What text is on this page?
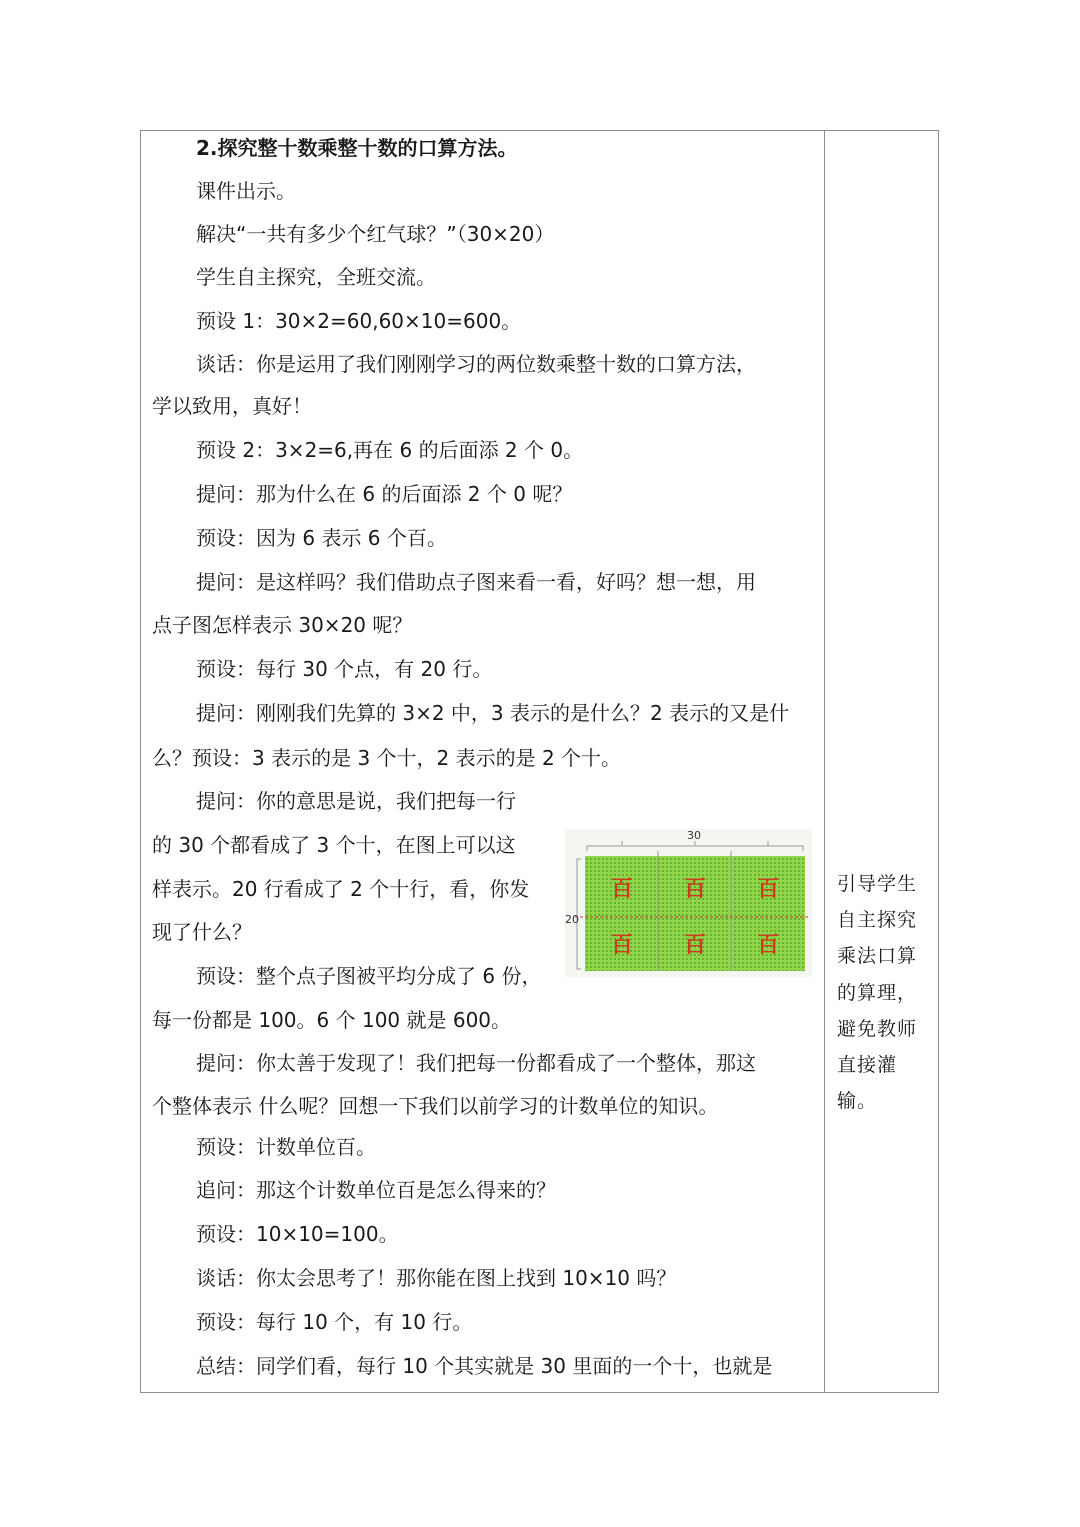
2.探究整十数乘整十数的口算方法。
课件出示。
解决“一共有多少个红气球？”（30×20）
学生自主探究，全班交流。
预设 1：30×2=60,60×10=600。
谈话：你是运用了我们刚刚学习的两位数乘整十数的口算方法，
学以致用，真好！
预设 2：3×2=6,再在 6 的后面添 2 个 0。
提问：那为什么在 6 的后面添 2 个 0 呢？
预设：因为 6 表示 6 个百。
提问：是这样吗？我们借助点子图来看一看，好吗？想一想，用
点子图怎样表示 30×20 呢？
预设：每行 30 个点，有 20 行。
提问：刚刚我们先算的 3×2 中，3 表示的是什么？2 表示的又是什
么？预设：3 表示的是 3 个十，2 表示的是 2 个十。
提问：你的意思是说，我们把每一行
的 30 个都看成了 3 个十，在图上可以这
样表示。20 行看成了 2 个十行，看，你发
现了什么？
预设：整个点子图被平均分成了 6 份，
每一份都是 100。6 个 100 就是 600。
提问：你太善于发现了！我们把每一份都看成了一个整体，那这
个整体表示 什么呢？回想一下我们以前学习的计数单位的知识。
预设：计数单位百。
追问：那这个计数单位百是怎么得来的？
预设：10×10=100。
谈话：你太会思考了！那你能在图上找到 10×10 吗？
预设：每行 10 个，有 10 行。
总结：同学们看，每行 10 个其实就是 30 里面的一个十，也就是
30
20
百 百 百
百 百 百
引导学生
自主探究
乘法口算
的算理，
避免教师
直接灌
输。
